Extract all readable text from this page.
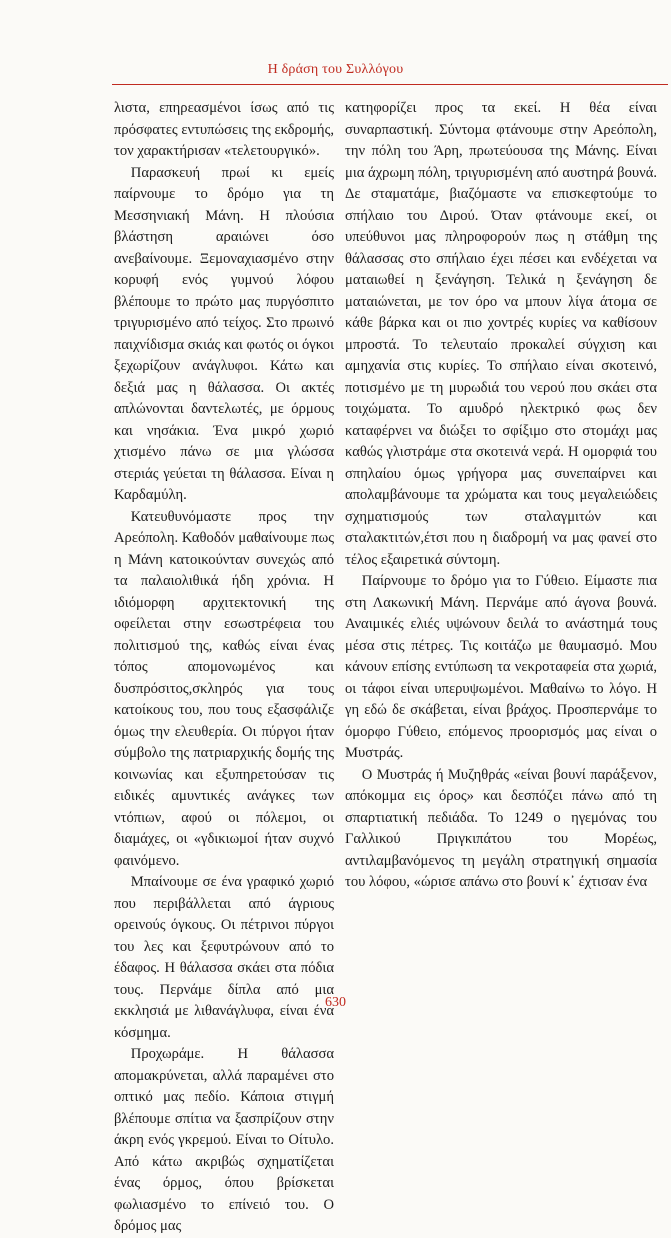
Η δράση του Συλλόγου

λιστα, επηρεασμένοι ίσως από τις πρόσφατες εντυπώσεις της εκδρομής, τον χαρακτήρισαν «τελετουργικό».

Παρασκευή πρωί κι εμείς παίρνουμε το δρόμο για τη Μεσσηνιακή Μάνη. Η πλούσια βλάστηση αραιώνει όσο ανεβαίνουμε. Ξεμοναχιασμένο στην κορυφή ενός γυμνού λόφου βλέπουμε το πρώτο μας πυργόσπιτο τριγυρισμένο από τείχος. Στο πρωινό παιχνίδισμα σκιάς και φωτός οι όγκοι ξεχωρίζουν ανάγλυφοι. Κάτω και δεξιά μας η θάλασσα. Οι ακτές απλώνονται δαντελωτές, με όρμους και νησάκια. Ένα μικρό χωριό χτισμένο πάνω σε μια γλώσσα στεριάς γεύεται τη θάλασσα. Είναι η Καρδαμύλη.

Κατευθυνόμαστε προς την Αρεόπολη. Καθοδόν μαθαίνουμε πως η Μάνη κατοικούνταν συνεχώς από τα παλαιολιθικά ήδη χρόνια. Η ιδιόμορφη αρχιτεκτονική της οφείλεται στην εσωστρέφεια του πολιτισμού της, καθώς είναι ένας τόπος απομονωμένος και δυσπρόσιτος,σκληρός για τους κατοίκους του, που τους εξασφάλιζε όμως την ελευθερία. Οι πύργοι ήταν σύμβολο της πατριαρχικής δομής της κοινωνίας και εξυπηρετούσαν τις ειδικές αμυντικές ανάγκες των ντόπιων, αφού οι πόλεμοι, οι διαμάχες, οι «γδικιωμοί ήταν συχνό φαινόμενο.

Μπαίνουμε σε ένα γραφικό χωριό που περιβάλλεται από άγριους ορεινούς όγκους. Οι πέτρινοι πύργοι του λες και ξεφυτρώνουν από το έδαφος. Η θάλασσα σκάει στα πόδια τους. Περνάμε δίπλα από μια εκκλησιά με λιθανάγλυφα, είναι ένα κόσμημα.

Προχωράμε. Η θάλασσα απομακρύνεται, αλλά παραμένει στο οπτικό μας πεδίο. Κάποια στιγμή βλέπουμε σπίτια να ξασπρίζουν στην άκρη ενός γκρεμού. Είναι το Οίτυλο. Από κάτω ακριβώς σχηματίζεται ένας όρμος, όπου βρίσκεται φωλιασμένο το επίνειό του. Ο δρόμος μας

κατηφορίζει προς τα εκεί. Η θέα είναι συναρπαστική. Σύντομα φτάνουμε στην Αρεόπολη, την πόλη του Άρη, πρωτεύουσα της Μάνης. Είναι μια άχρωμη πόλη, τριγυρισμένη από αυστηρά βουνά. Δε σταματάμε, βιαζόμαστε να επισκεφτούμε το σπήλαιο του Διρού. Όταν φτάνουμε εκεί, οι υπεύθυνοι μας πληροφορούν πως η στάθμη της θάλασσας στο σπήλαιο έχει πέσει και ενδέχεται να ματαιωθεί η ξενάγηση. Τελικά η ξενάγηση δε ματαιώνεται, με τον όρο να μπουν λίγα άτομα σε κάθε βάρκα και οι πιο χοντρές κυρίες να καθίσουν μπροστά. Το τελευταίο προκαλεί σύγχιση και αμηχανία στις κυρίες. Το σπήλαιο είναι σκοτεινό, ποτισμένο με τη μυρωδιά του νερού που σκάει στα τοιχώματα. Το αμυδρό ηλεκτρικό φως δεν καταφέρνει να διώξει το σφίξιμο στο στομάχι μας καθώς γλιστράμε στα σκοτεινά νερά. Η ομορφιά του σπηλαίου όμως γρήγορα μας συνεπαίρνει και απολαμβάνουμε τα χρώματα και τους μεγαλειώδεις σχηματισμούς των σταλαγμιτών και σταλακτιτών,έτσι που η διαδρομή να μας φανεί στο τέλος εξαιρετικά σύντομη.

Παίρνουμε το δρόμο για το Γύθειο. Είμαστε πια στη Λακωνική Μάνη. Περνάμε από άγονα βουνά. Αναιμικές ελιές υψώνουν δειλά το ανάστημά τους μέσα στις πέτρες. Τις κοιτάζω με θαυμασμό. Μου κάνουν επίσης εντύπωση τα νεκροταφεία στα χωριά, οι τάφοι είναι υπερυψωμένοι. Μαθαίνω το λόγο. Η γη εδώ δε σκάβεται, είναι βράχος. Προσπερνάμε το όμορφο Γύθειο, επόμενος προορισμός μας είναι ο Μυστράς.

Ο Μυστράς ή Μυζηθράς «είναι βουνί παράξενον, απόκομμα εις όρος» και δεσπόζει πάνω από τη σπαρτιατική πεδιάδα. Το 1249 ο ηγεμόνας του Γαλλικού Πριγκιπάτου του Μορέως, αντιλαμβανόμενος τη μεγάλη στρατηγική σημασία του λόφου, «ώρισε απάνω στο βουνί κ᾽ έχτισαν ένα

630
